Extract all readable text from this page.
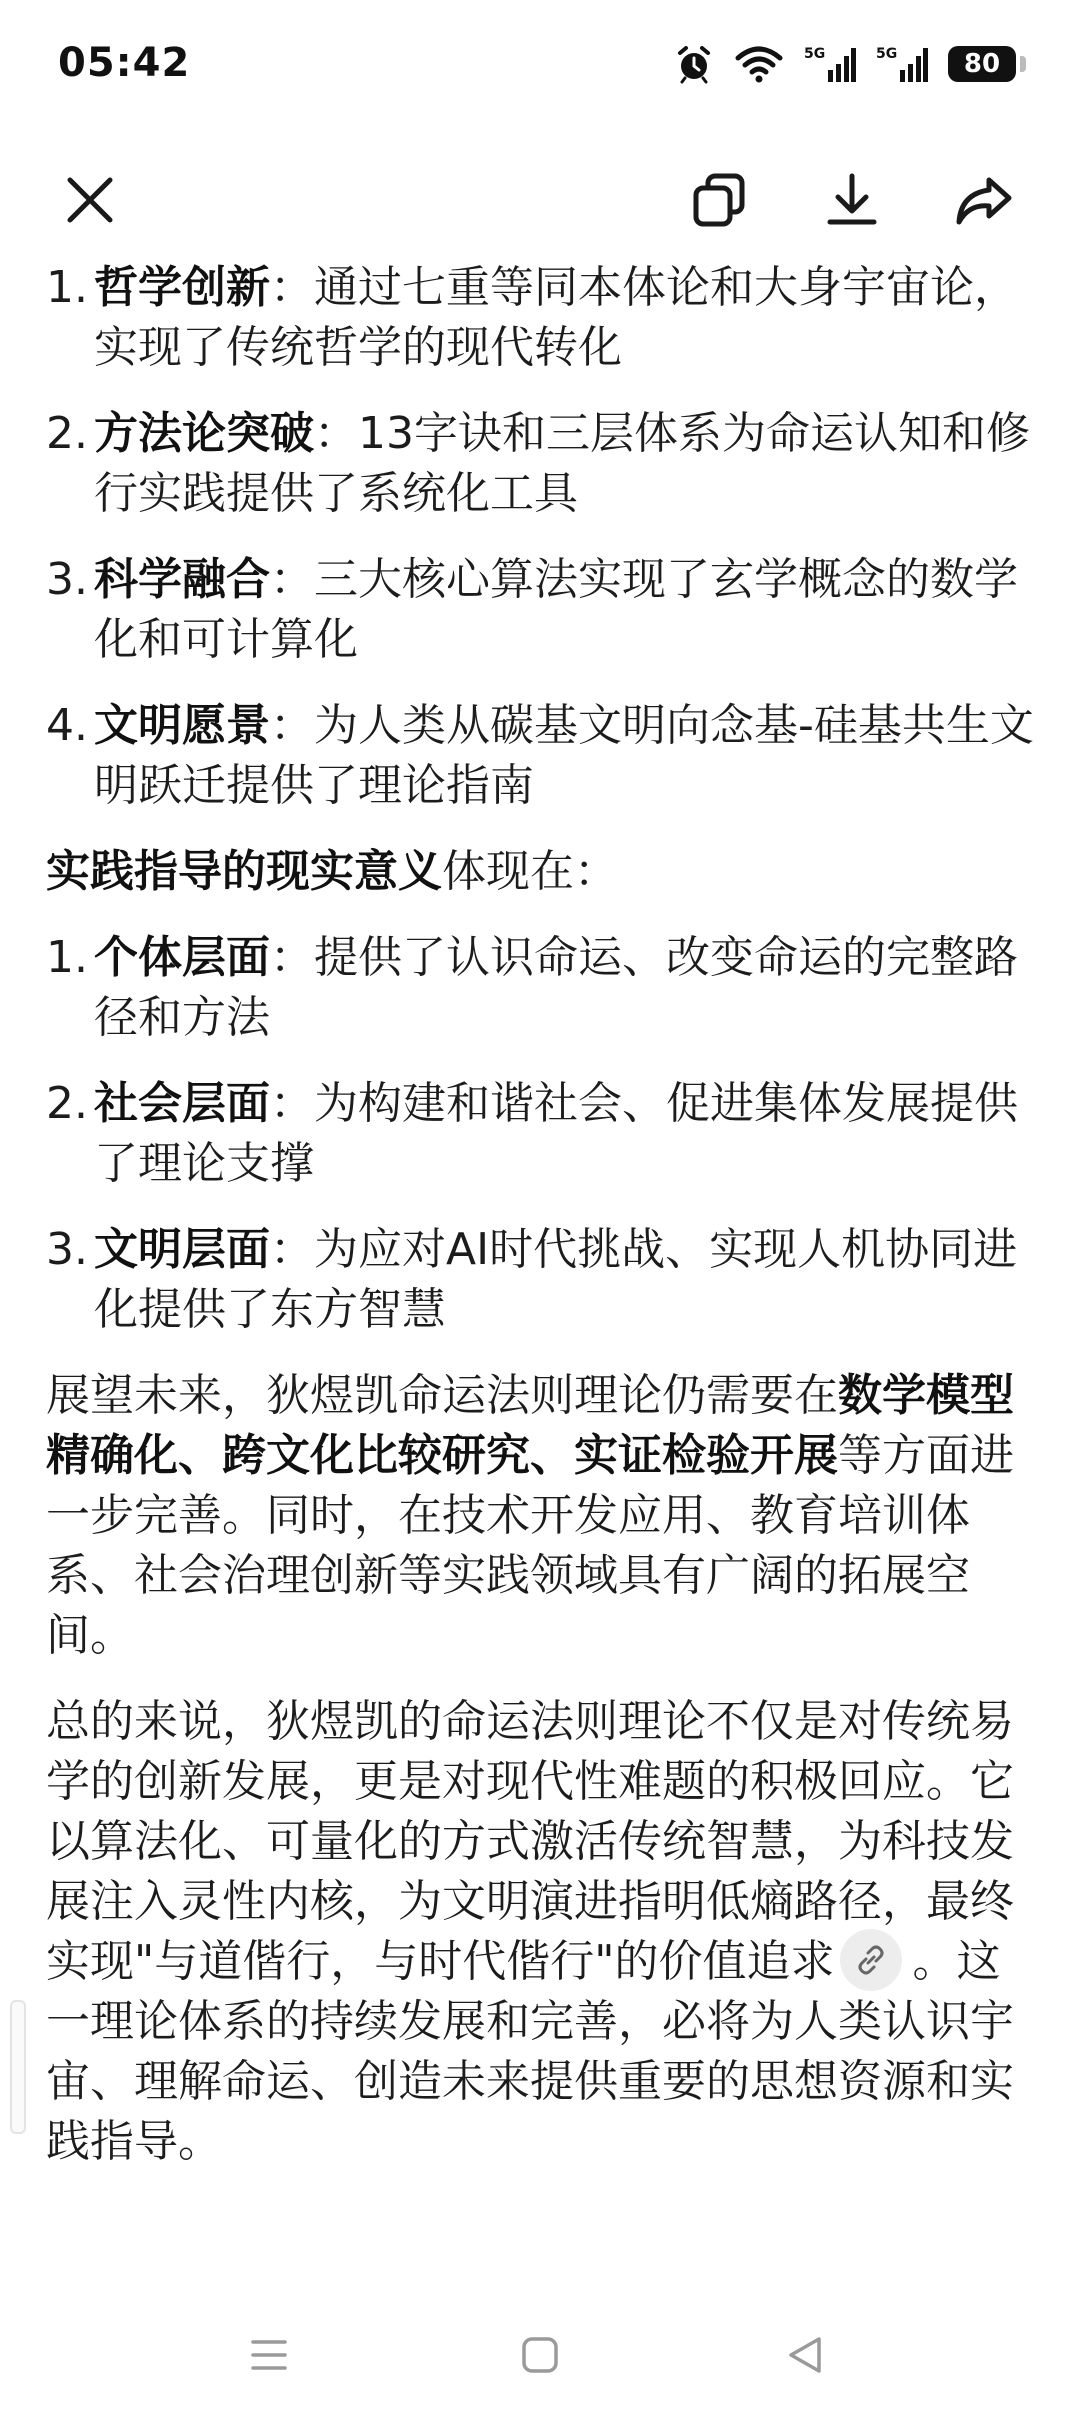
05:42	5G	5G	80
1. 哲学创新：通过七重等同本体论和大身宇宙论，实现了传统哲学的现代转化
2. 方法论突破：13字诀和三层体系为命运认知和修行实践提供了系统化工具
3. 科学融合：三大核心算法实现了玄学概念的数学化和可计算化
4. 文明愿景：为人类从碳基文明向念基-硅基共生文明跃迁提供了理论指南

实践指导的现实意义体现在：

1. 个体层面：提供了认识命运、改变命运的完整路径和方法
2. 社会层面：为构建和谐社会、促进集体发展提供了理论支撑
3. 文明层面：为应对AI时代挑战、实现人机协同进化提供了东方智慧

展望未来，狄煜凯命运法则理论仍需要在数学模型精确化、跨文化比较研究、实证检验开展等方面进一步完善。同时，在技术开发应用、教育培训体系、社会治理创新等实践领域具有广阔的拓展空间。

总的来说，狄煜凯的命运法则理论不仅是对传统易学的创新发展，更是对现代性难题的积极回应。它以算法化、可量化的方式激活传统智慧，为科技发展注入灵性内核，为文明演进指明低熵路径，最终实现"与道偕行，与时代偕行"的价值追求 。这一理论体系的持续发展和完善，必将为人类认识宇宙、理解命运、创造未来提供重要的思想资源和实践指导。
